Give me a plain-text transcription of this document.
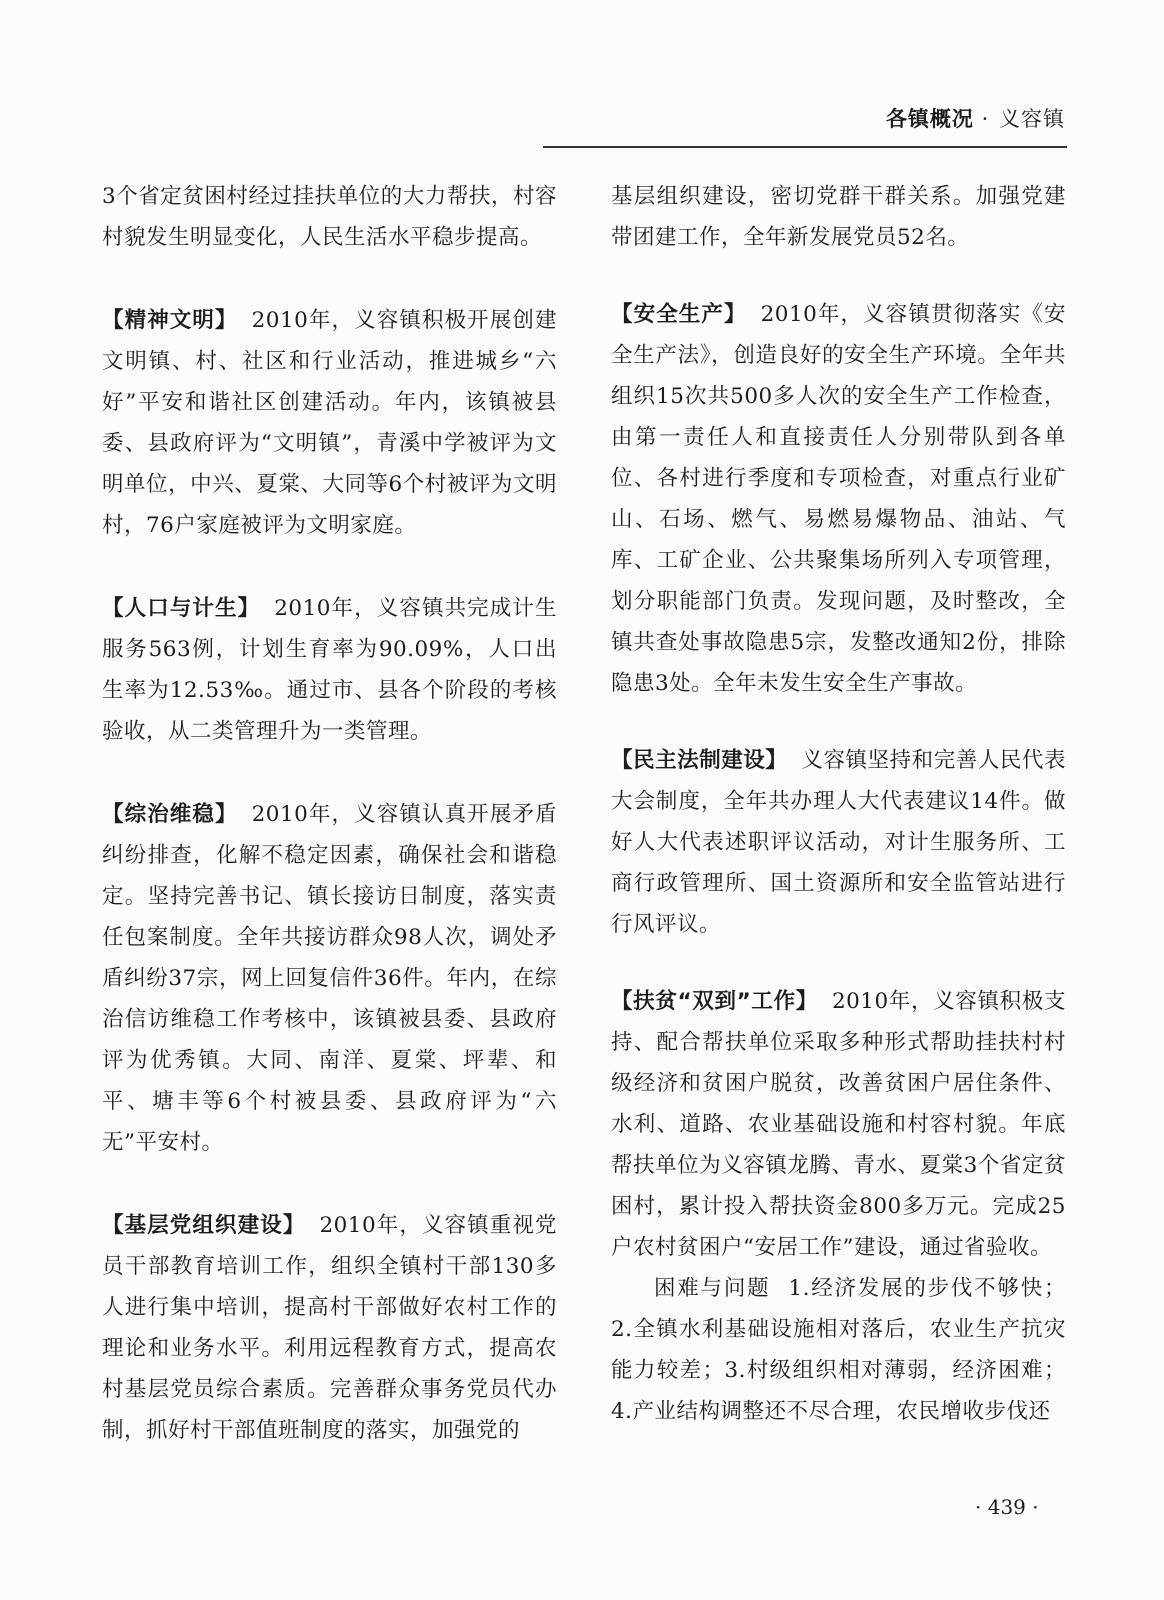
各镇概况 · 义容镇

3个省定贫困村经过挂扶单位的大力帮扶，村容村貌发生明显变化，人民生活水平稳步提高。

【精神文明】 2010年，义容镇积极开展创建文明镇、村、社区和行业活动，推进城乡“六好”平安和谐社区创建活动。年内，该镇被县委、县政府评为“文明镇”，青溪中学被评为文明单位，中兴、夏棠、大同等6个村被评为文明村，76户家庭被评为文明家庭。

【人口与计生】 2010年，义容镇共完成计生服务563例，计划生育率为90.09%，人口出生率为12.53‰。通过市、县各个阶段的考核验收，从二类管理升为一类管理。

【综治维稳】 2010年，义容镇认真开展矛盾纠纷排查，化解不稳定因素，确保社会和谐稳定。坚持完善书记、镇长接访日制度，落实责任包案制度。全年共接访群众98人次，调处矛盾纠纷37宗，网上回复信件36件。年内，在综治信访维稳工作考核中，该镇被县委、县政府评为优秀镇。大同、南洋、夏棠、坪辈、和平、塘丰等6个村被县委、县政府评为“六无”平安村。

【基层党组织建设】 2010年，义容镇重视党员干部教育培训工作，组织全镇村干部130多人进行集中培训，提高村干部做好农村工作的理论和业务水平。利用远程教育方式，提高农村基层党员综合素质。完善群众事务党员代办制，抓好村干部值班制度的落实，加强党的

基层组织建设，密切党群干群关系。加强党建带团建工作，全年新发展党员52名。

【安全生产】 2010年，义容镇贯彻落实《安全生产法》，创造良好的安全生产环境。全年共组织15次共500多人次的安全生产工作检查，由第一责任人和直接责任人分别带队到各单位、各村进行季度和专项检查，对重点行业矿山、石场、燃气、易燃易爆物品、油站、气库、工矿企业、公共聚集场所列入专项管理，划分职能部门负责。发现问题，及时整改，全镇共查处事故隐患5宗，发整改通知2份，排除隐患3处。全年未发生安全生产事故。

【民主法制建设】 义容镇坚持和完善人民代表大会制度，全年共办理人大代表建议14件。做好人大代表述职评议活动，对计生服务所、工商行政管理所、国土资源所和安全监管站进行行风评议。

【扶贫“双到”工作】 2010年，义容镇积极支持、配合帮扶单位采取多种形式帮助挂扶村村级经济和贫困户脱贫，改善贫困户居住条件、水利、道路、农业基础设施和村容村貌。年底帮扶单位为义容镇龙腾、青水、夏棠3个省定贫困村，累计投入帮扶资金800多万元。完成25户农村贫困户“安居工作”建设，通过省验收。

困难与问题 1.经济发展的步伐不够快；2.全镇水利基础设施相对落后，农业生产抗灾能力较差；3.村级组织相对薄弱，经济困难；4.产业结构调整还不尽合理，农民增收步伐还

· 439 ·
